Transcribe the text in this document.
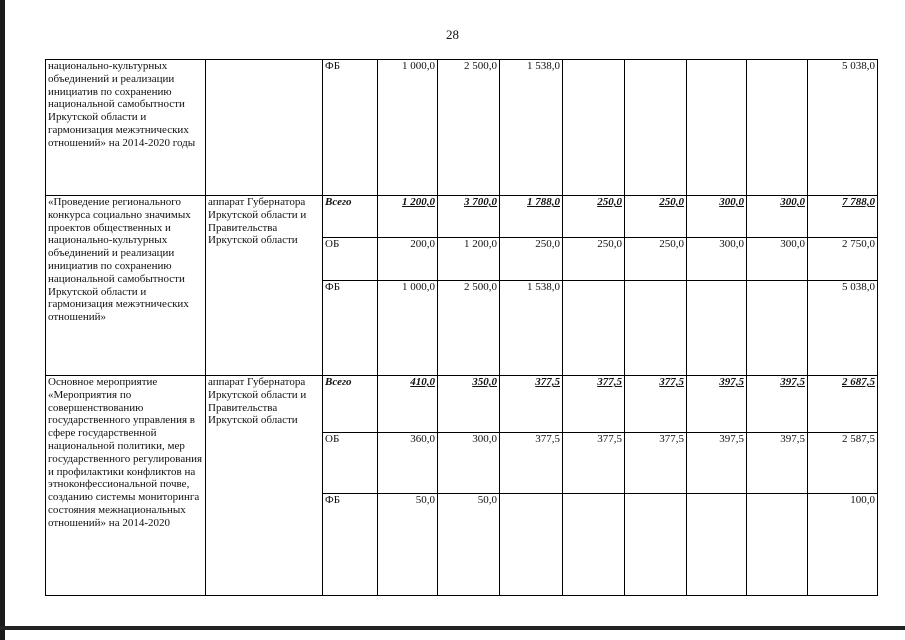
28
национально-культурных объединений и реализации инициатив по сохранению национальной самобытности Иркутской области и гармонизация межэтнических отношений» на 2014-2020 годы		ФБ	1 000,0	2 500,0	1 538,0					5 038,0
«Проведение регионального конкурса социально значимых проектов общественных и национально-культурных объединений и реализации инициатив по сохранению национальной самобытности Иркутской области и гармонизация межэтнических отношений»	аппарат Губернатора Иркутской области и Правительства Иркутской области	Всего	1 200,0	3 700,0	1 788,0	250,0	250,0	300,0	300,0	7 788,0
		ОБ	200,0	1 200,0	250,0	250,0	250,0	300,0	300,0	2 750,0
		ФБ	1 000,0	2 500,0	1 538,0					5 038,0
Основное мероприятие «Мероприятия по совершенствованию государственного управления в сфере государственной национальной политики, мер государственного регулирования и профилактики конфликтов на этноконфессиональной почве, созданию системы мониторинга состояния межнациональных отношений» на 2014-2020	аппарат Губернатора Иркутской области и Правительства Иркутской области	Всего	410,0	350,0	377,5	377,5	377,5	397,5	397,5	2 687,5
		ОБ	360,0	300,0	377,5	377,5	377,5	397,5	397,5	2 587,5
		ФБ	50,0	50,0						100,0
